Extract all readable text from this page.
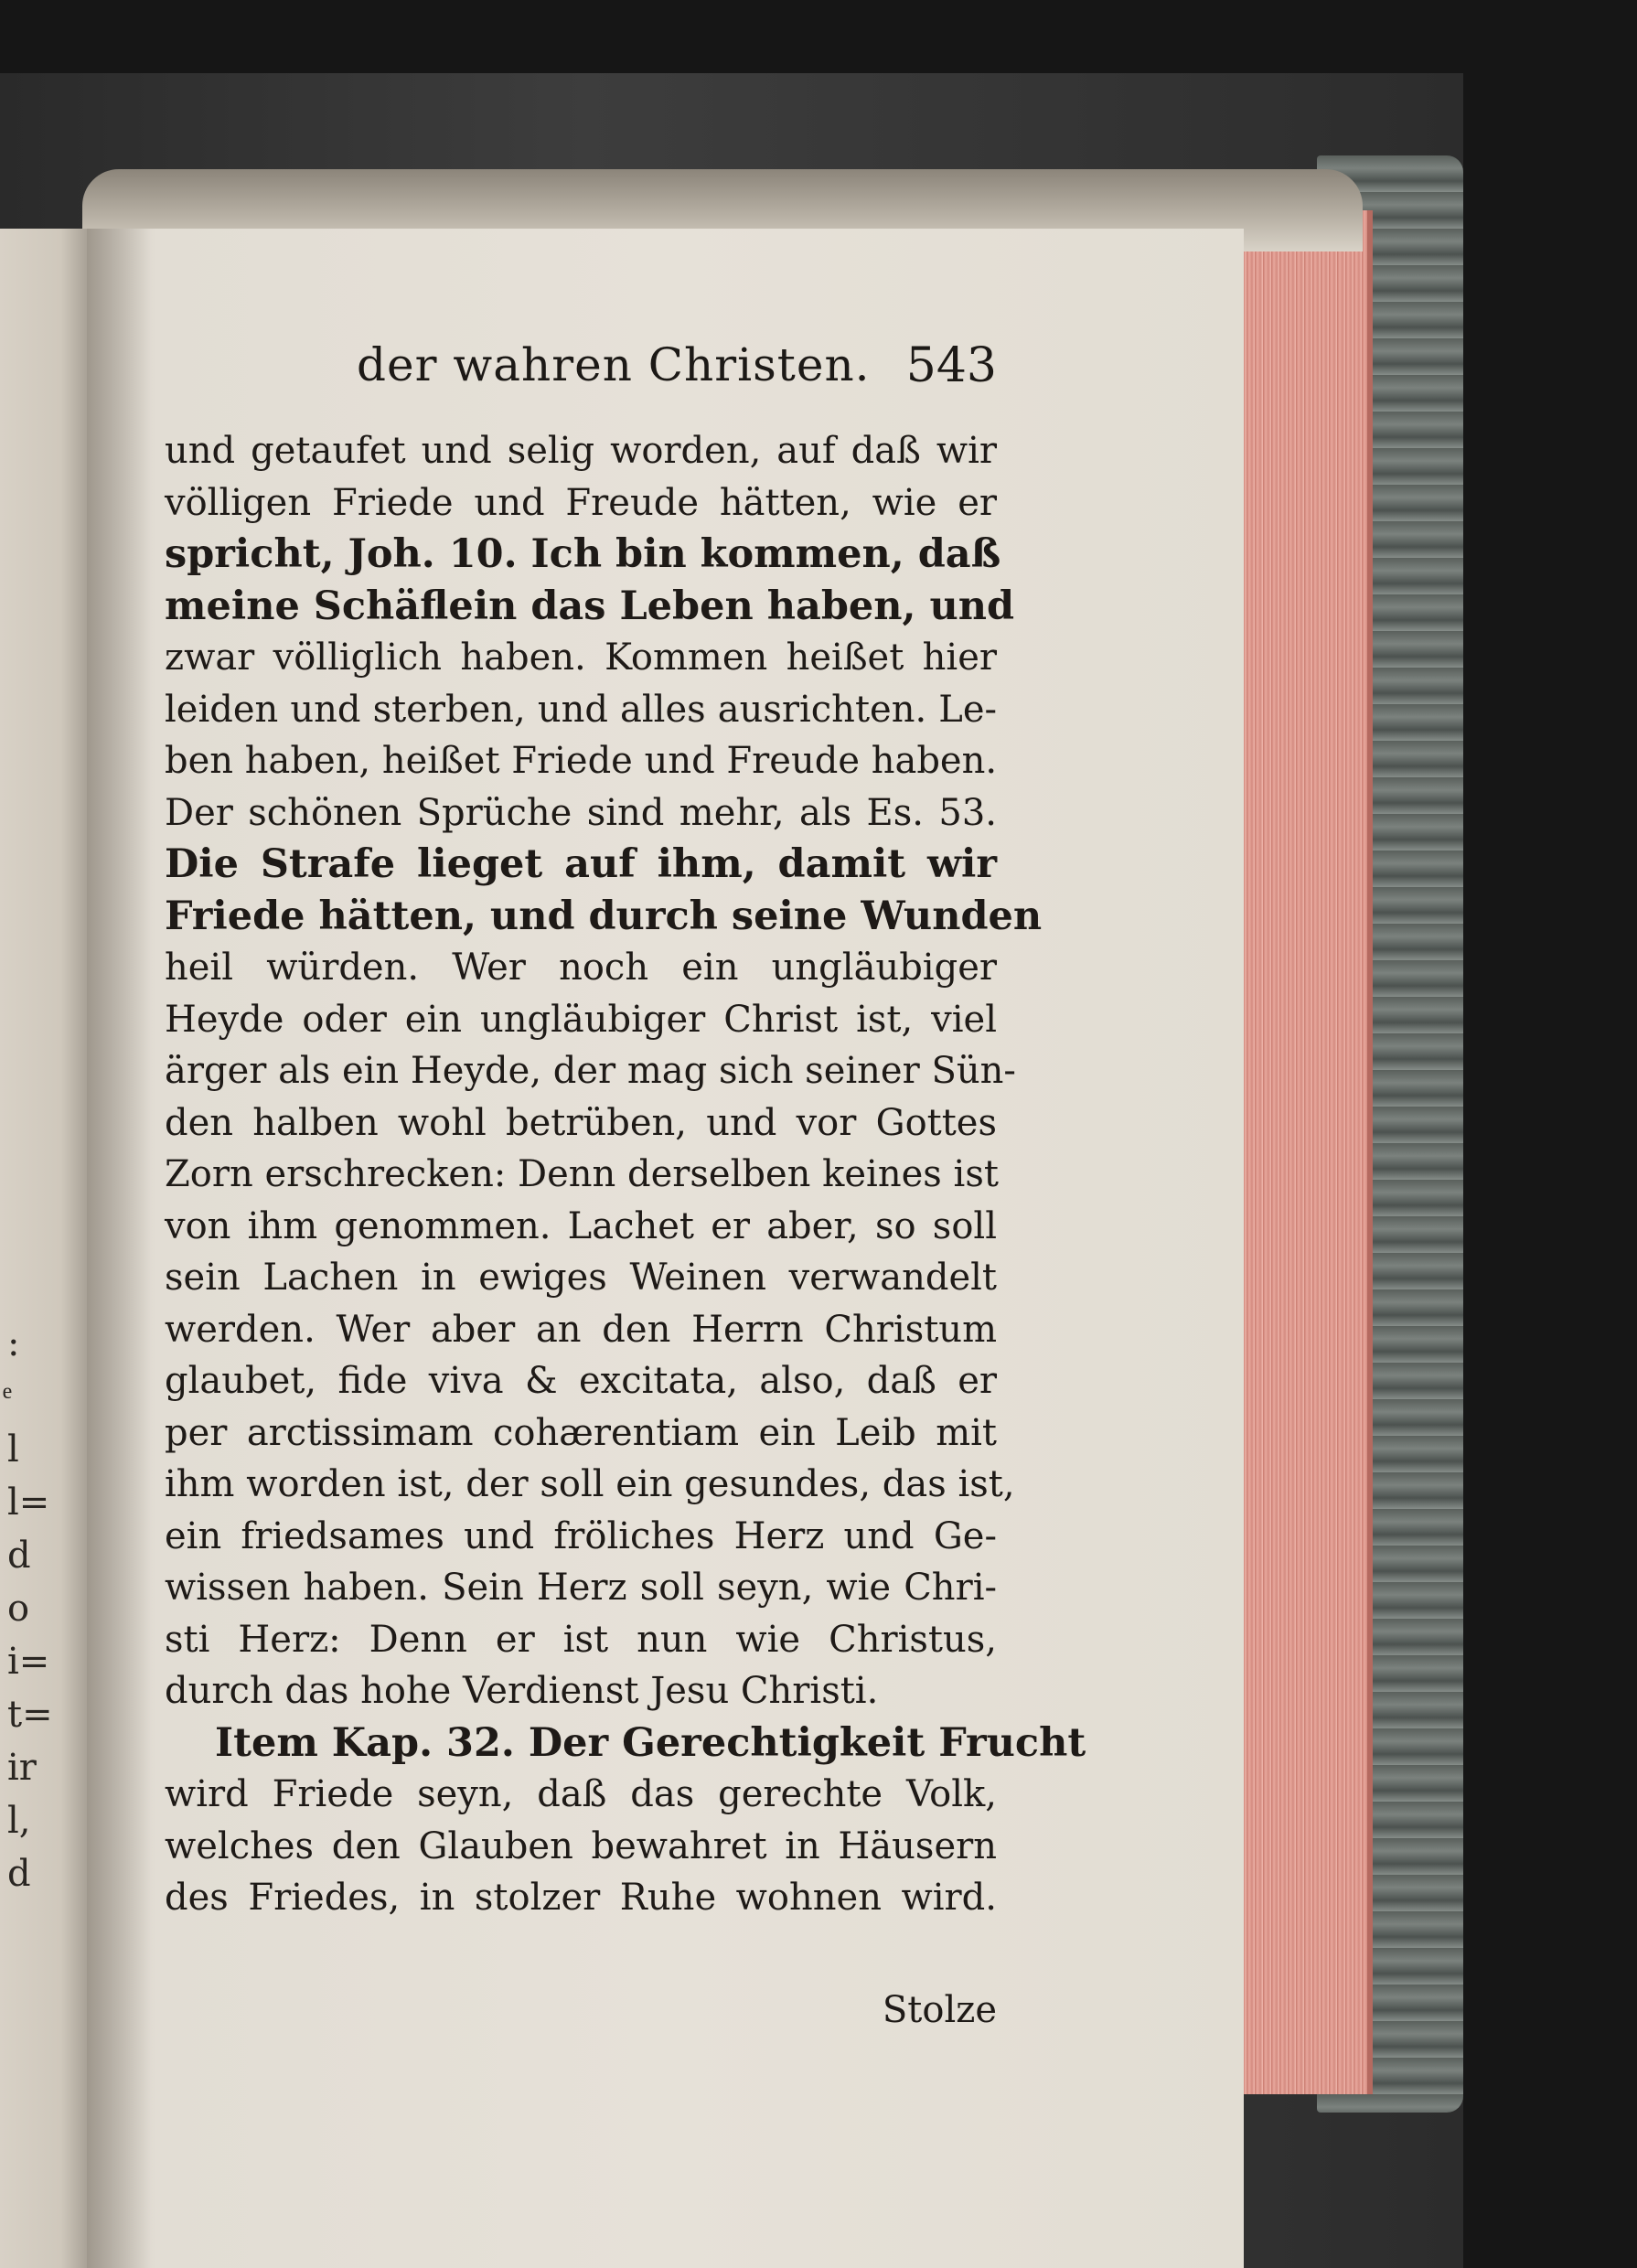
:
l
l=
d
o
i=
t=
ir
l,
d

der wahren Christen. 543

und getaufet und selig worden, auf daß wir
völligen Friede und Freude hätten, wie er
spricht, Joh. 10. Ich bin kommen, daß
meine Schäflein das Leben haben, und
zwar völliglich haben. Kommen heißet hier
leiden und sterben, und alles ausrichten. Le-
ben haben, heißet Friede und Freude haben.
Der schönen Sprüche sind mehr, als Es. 53.
Die Strafe lieget auf ihm, damit wir
Friede hätten, und durch seine Wunden
heil würden. Wer noch ein ungläubiger
Heyde oder ein ungläubiger Christ ist, viel
ärger als ein Heyde, der mag sich seiner Sün-
den halben wohl betrüben, und vor Gottes
Zorn erschrecken: Denn derselben keines ist
von ihm genommen. Lachet er aber, so soll
sein Lachen in ewiges Weinen verwandelt
werden. Wer aber an den Herrn Christum
glaubet, fide viva & excitata, also, daß er
per arctissimam cohærentiam ein Leib mit
ihm worden ist, der soll ein gesundes, das ist,
ein friedsames und fröliches Herz und Ge-
wissen haben. Sein Herz soll seyn, wie Chri-
sti Herz: Denn er ist nun wie Christus,
durch das hohe Verdienst Jesu Christi.
Item Kap. 32. Der Gerechtigkeit Frucht
wird Friede seyn, daß das gerechte Volk,
welches den Glauben bewahret in Häusern
des Friedes, in stolzer Ruhe wohnen wird.

Stolze
